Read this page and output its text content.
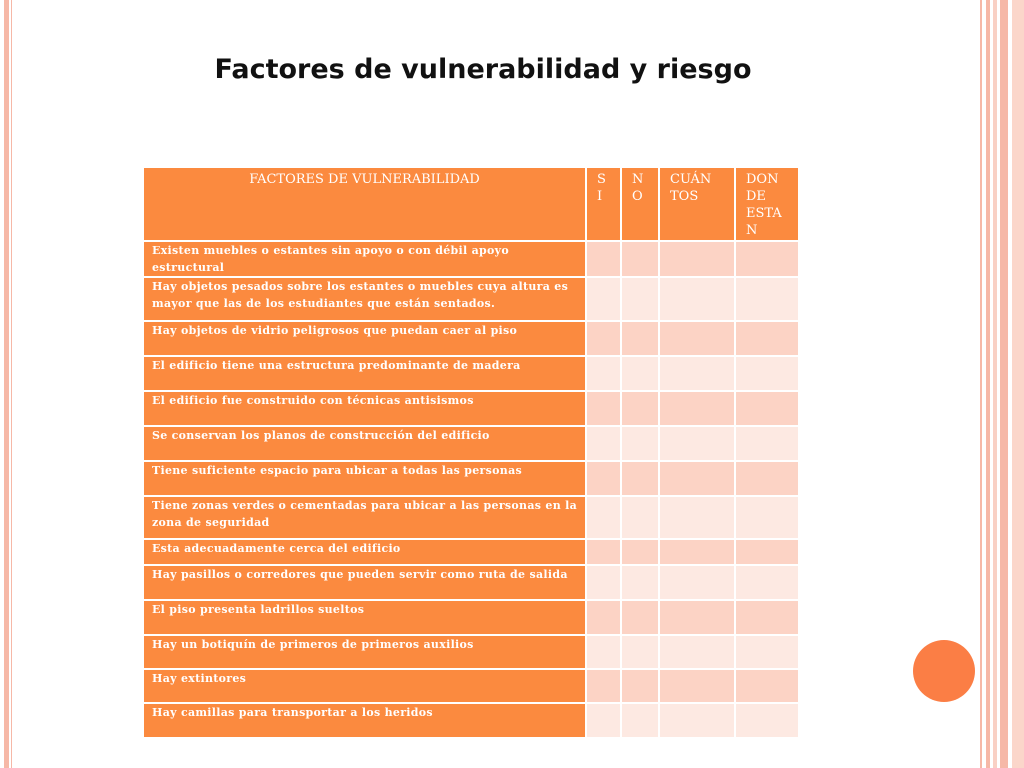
Factores de vulnerabilidad y riesgo
FACTORES DE VULNERABILIDAD	S I	N O	CUÁN TOS	DON DE ESTA N
Existen muebles o estantes sin apoyo o con débil apoyo estructural				
Hay objetos pesados sobre los estantes o muebles cuya altura es mayor que las de los estudiantes que están sentados.				
Hay objetos de vidrio peligrosos que puedan caer al piso				
El edificio tiene una estructura predominante de madera				
El edificio fue construido con técnicas antisismos				
Se conservan los planos de construcción del edificio				
Tiene suficiente espacio para ubicar a todas las personas				
Tiene zonas verdes o cementadas para ubicar a las personas en la zona de seguridad				
Esta adecuadamente cerca del edificio				
Hay pasillos o corredores que pueden servir como ruta de salida				
El piso presenta ladrillos sueltos				
Hay un botiquín de primeros de primeros auxilios				
Hay extintores				
Hay camillas para transportar a los heridos				
